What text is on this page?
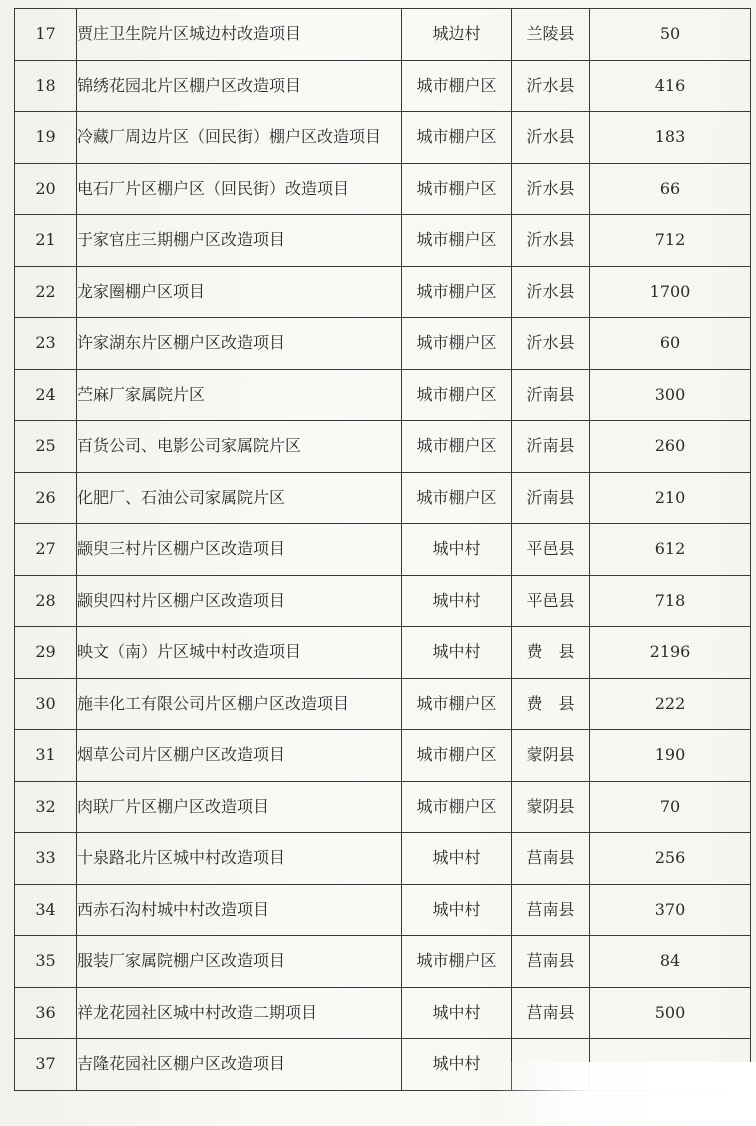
17	贾庄卫生院片区城边村改造项目	城边村	兰陵县	50
18	锦绣花园北片区棚户区改造项目	城市棚户区	沂水县	416
19	冷藏厂周边片区（回民街）棚户区改造项目	城市棚户区	沂水县	183
20	电石厂片区棚户区（回民街）改造项目	城市棚户区	沂水县	66
21	于家官庄三期棚户区改造项目	城市棚户区	沂水县	712
22	龙家圈棚户区项目	城市棚户区	沂水县	1700
23	许家湖东片区棚户区改造项目	城市棚户区	沂水县	60
24	苎麻厂家属院片区	城市棚户区	沂南县	300
25	百货公司、电影公司家属院片区	城市棚户区	沂南县	260
26	化肥厂、石油公司家属院片区	城市棚户区	沂南县	210
27	颛臾三村片区棚户区改造项目	城中村	平邑县	612
28	颛臾四村片区棚户区改造项目	城中村	平邑县	718
29	映文（南）片区城中村改造项目	城中村	费　县	2196
30	施丰化工有限公司片区棚户区改造项目	城市棚户区	费　县	222
31	烟草公司片区棚户区改造项目	城市棚户区	蒙阴县	190
32	肉联厂片区棚户区改造项目	城市棚户区	蒙阴县	70
33	十泉路北片区城中村改造项目	城中村	莒南县	256
34	西赤石沟村城中村改造项目	城中村	莒南县	370
35	服装厂家属院棚户区改造项目	城市棚户区	莒南县	84
36	祥龙花园社区城中村改造二期项目	城中村	莒南县	500
37	吉隆花园社区棚户区改造项目	城中村		
